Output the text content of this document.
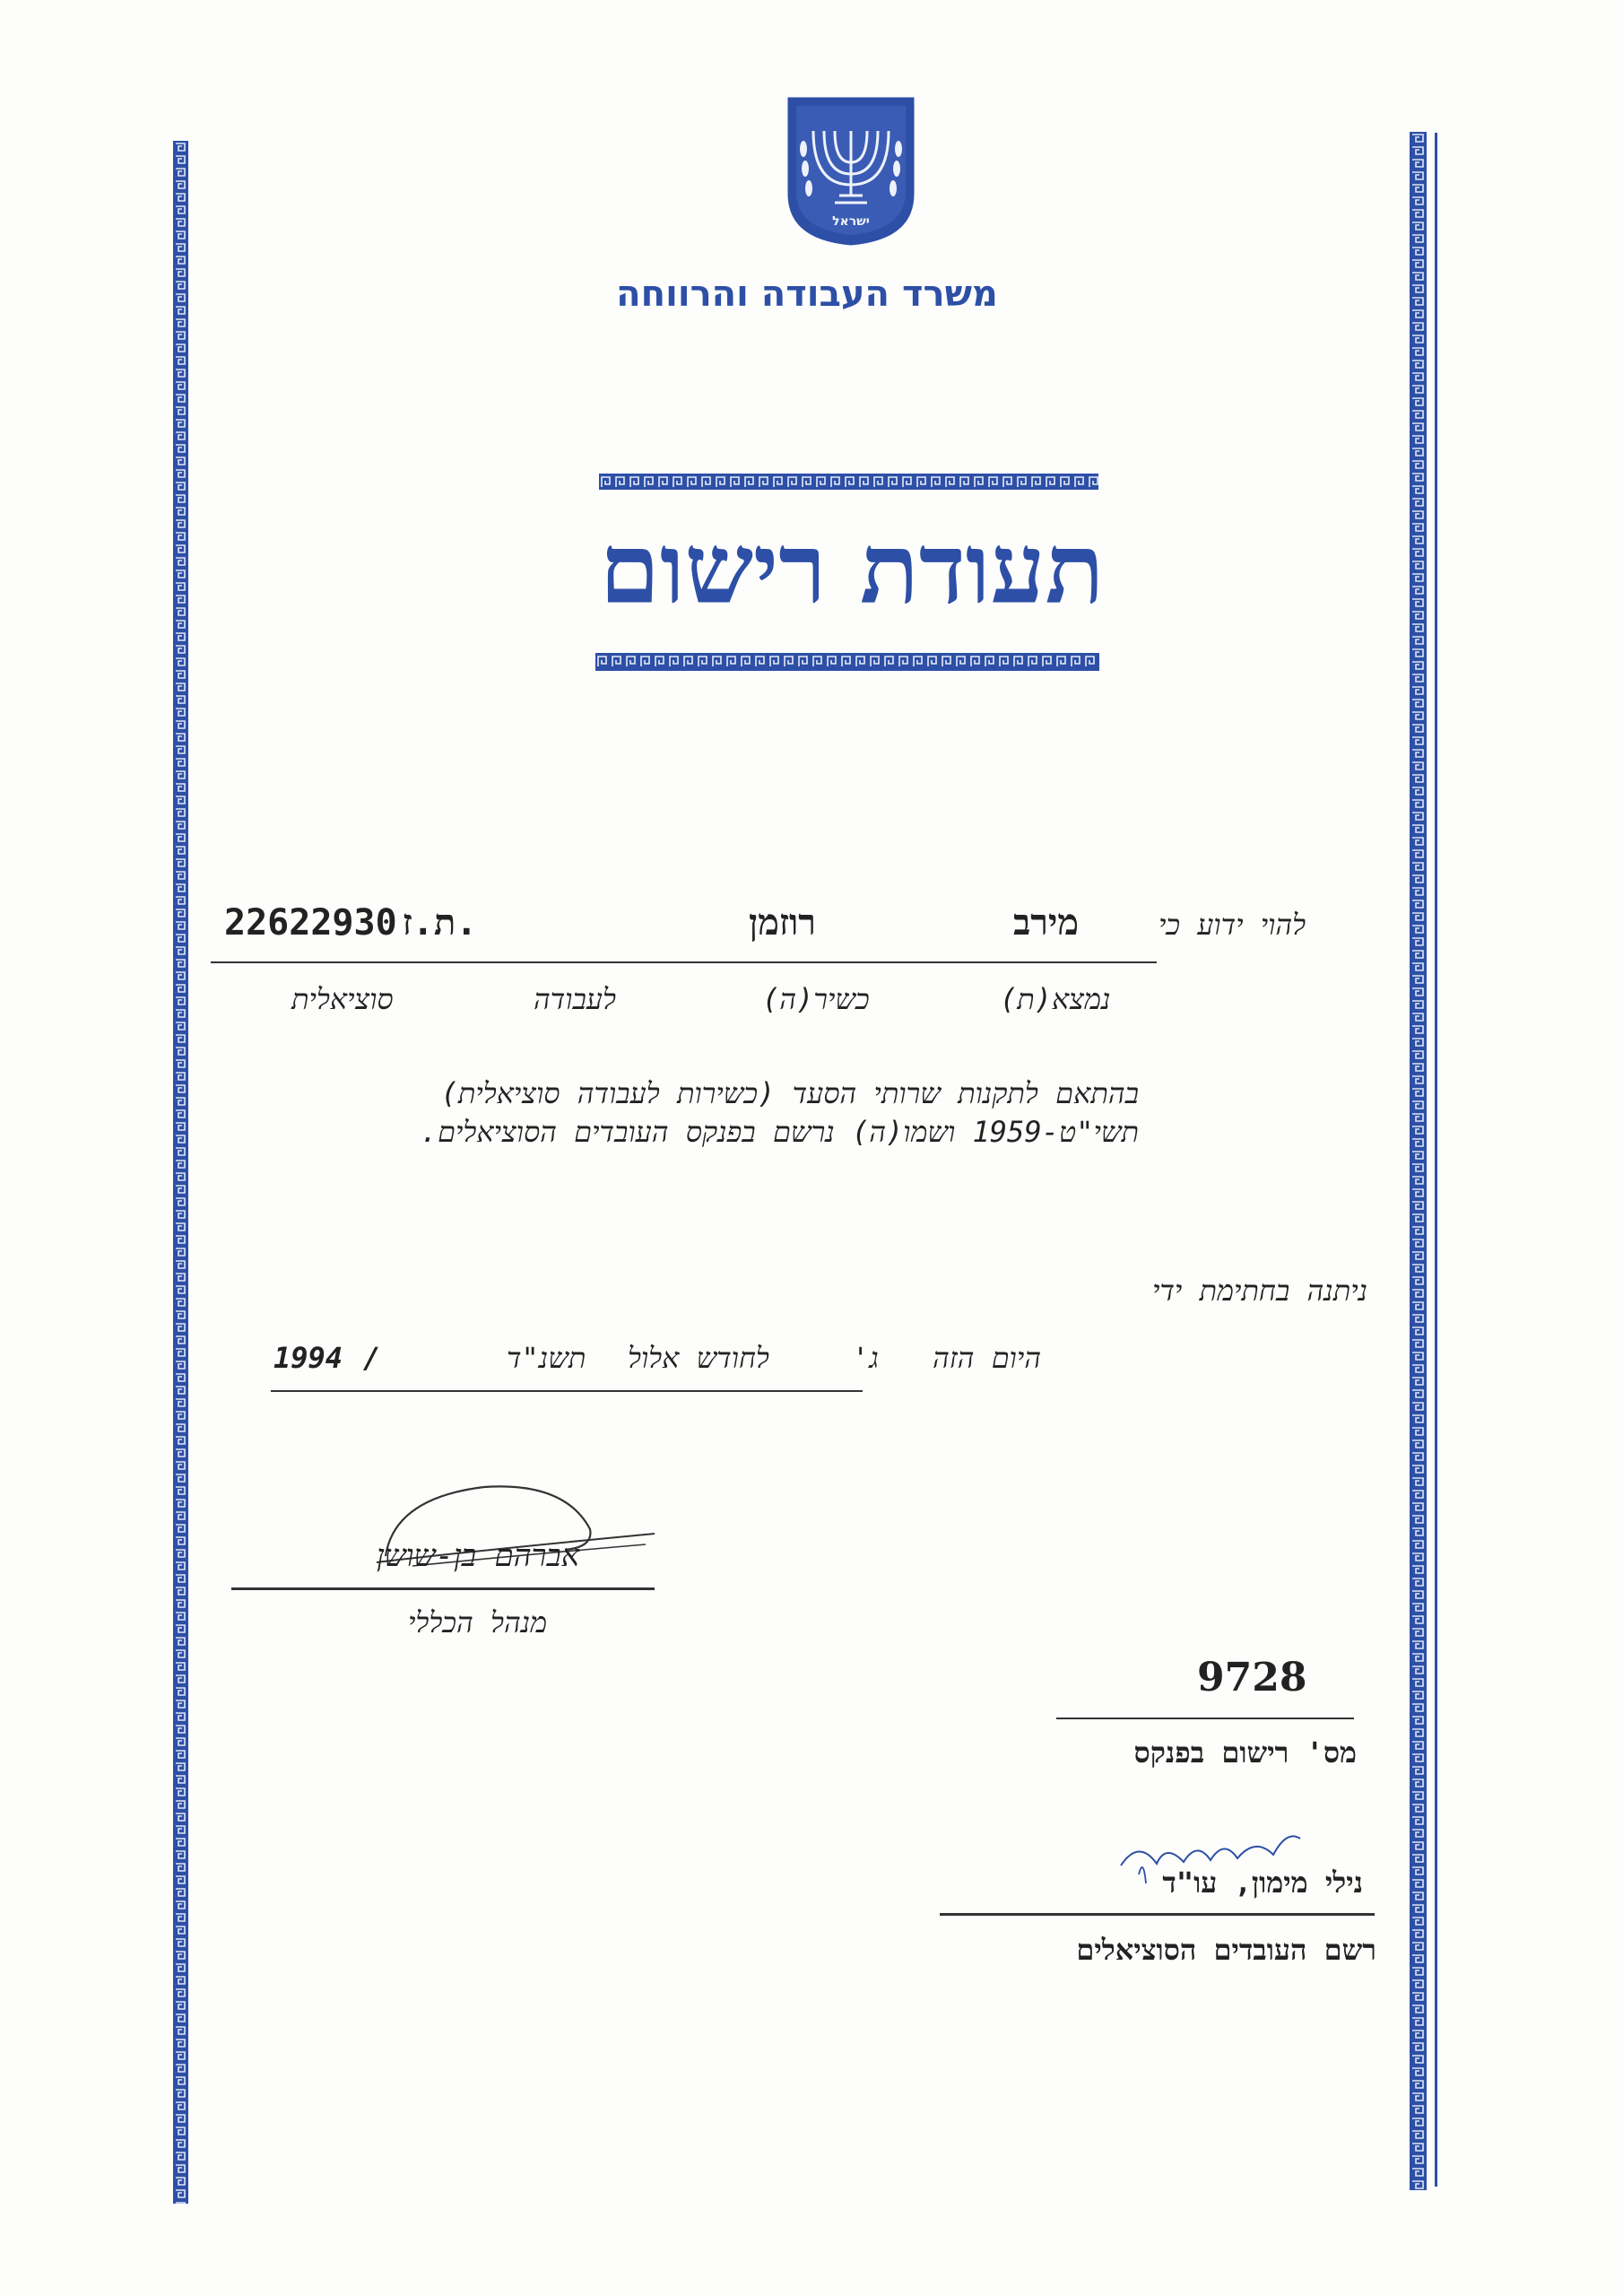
ישראל
משרד העבודה והרווחה
תעודת רישום
להוי ידוע כי
מירב
רוזמן
22622930 ת.ז.
נמצא(ת)
כשיר(ה)
לעבודה
סוציאלית
בהתאם לתקנות שרותי הסעד (כשירות לעבודה סוציאלית)
תשי"ט-1959 ושמו(ה) נרשם בפנקס העובדים הסוציאלים.
ניתנה בחתימת ידי
היום הזה
ג'
לחודש אלול
תשנ"ד
/
1994
אברהם בן-שושן
מנהל הכללי
9728
מס' רישום בפנקס
נילי מימון, עו"ד
רשם העובדים הסוציאלים
